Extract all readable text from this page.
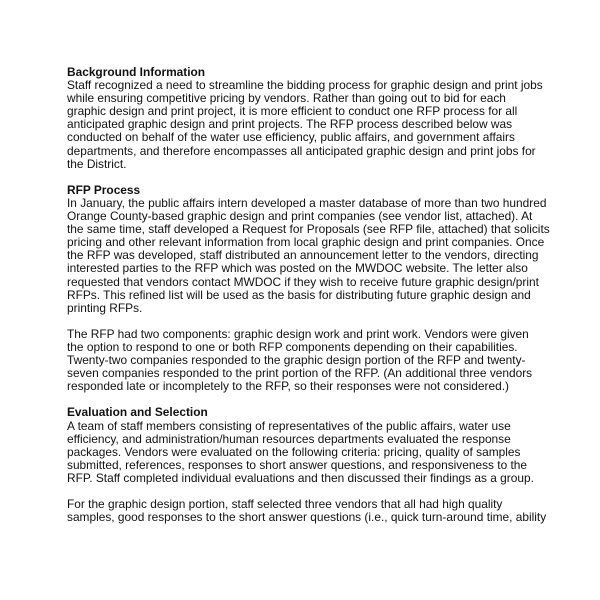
Background Information
Staff recognized a need to streamline the bidding process for graphic design and print jobs
while ensuring competitive pricing by vendors. Rather than going out to bid for each
graphic design and print project, it is more efficient to conduct one RFP process for all
anticipated graphic design and print projects. The RFP process described below was
conducted on behalf of the water use efficiency, public affairs, and government affairs
departments, and therefore encompasses all anticipated graphic design and print jobs for
the District.
RFP Process
In January, the public affairs intern developed a master database of more than two hundred
Orange County-based graphic design and print companies (see vendor list, attached). At
the same time, staff developed a Request for Proposals (see RFP file, attached) that solicits
pricing and other relevant information from local graphic design and print companies. Once
the RFP was developed, staff distributed an announcement letter to the vendors, directing
interested parties to the RFP which was posted on the MWDOC website. The letter also
requested that vendors contact MWDOC if they wish to receive future graphic design/print
RFPs. This refined list will be used as the basis for distributing future graphic design and
printing RFPs.
The RFP had two components: graphic design work and print work. Vendors were given
the option to respond to one or both RFP components depending on their capabilities.
Twenty-two companies responded to the graphic design portion of the RFP and twenty-
seven companies responded to the print portion of the RFP. (An additional three vendors
responded late or incompletely to the RFP, so their responses were not considered.)
Evaluation and Selection
A team of staff members consisting of representatives of the public affairs, water use
efficiency, and administration/human resources departments evaluated the response
packages. Vendors were evaluated on the following criteria: pricing, quality of samples
submitted, references, responses to short answer questions, and responsiveness to the
RFP. Staff completed individual evaluations and then discussed their findings as a group.
For the graphic design portion, staff selected three vendors that all had high quality
samples, good responses to the short answer questions (i.e., quick turn-around time, ability
